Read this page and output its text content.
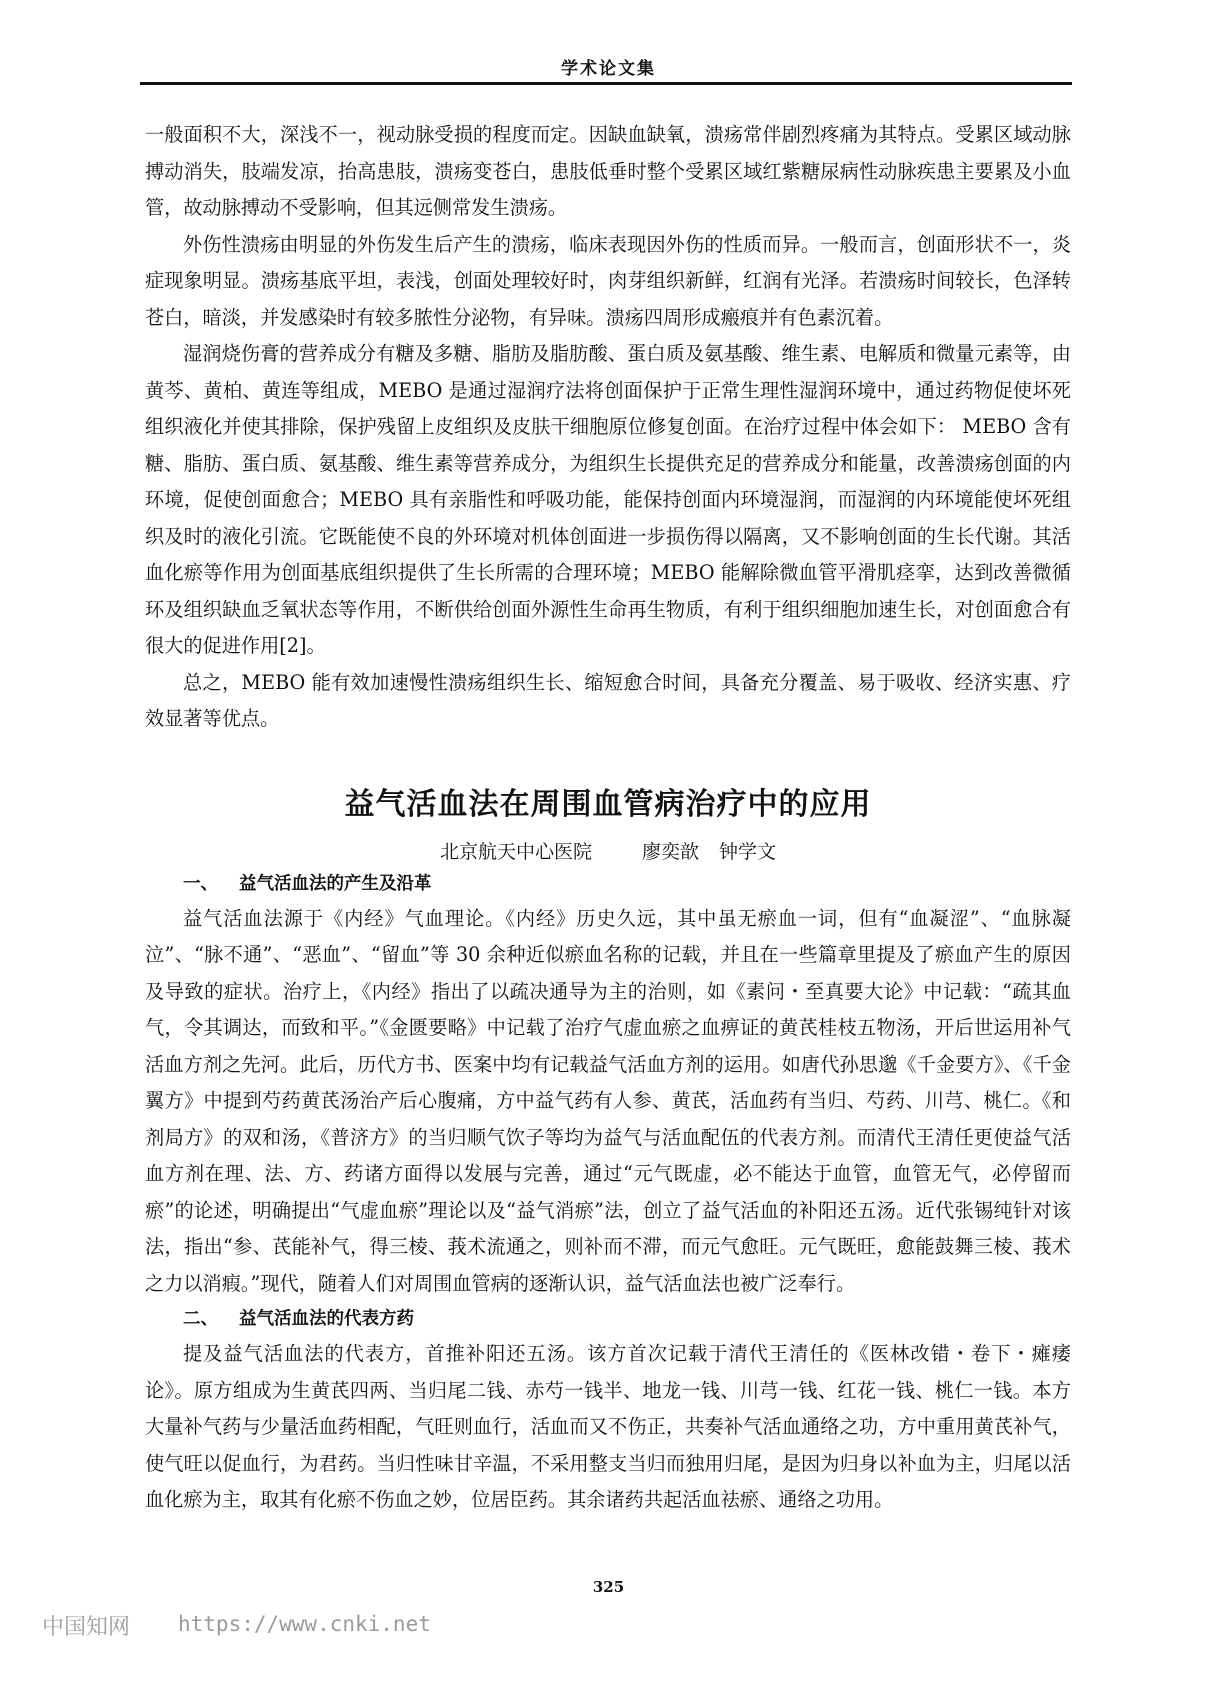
学术论文集

一般面积不大，深浅不一，视动脉受损的程度而定。因缺血缺氧，溃疡常伴剧烈疼痛为其特点。受累区域动脉搏动消失，肢端发凉，抬高患肢，溃疡变苍白，患肢低垂时整个受累区域红紫糖尿病性动脉疾患主要累及小血管，故动脉搏动不受影响，但其远侧常发生溃疡。

外伤性溃疡由明显的外伤发生后产生的溃疡，临床表现因外伤的性质而异。一般而言，创面形状不一，炎症现象明显。溃疡基底平坦，表浅，创面处理较好时，肉芽组织新鲜，红润有光泽。若溃疡时间较长，色泽转苍白，暗淡，并发感染时有较多脓性分泌物，有异味。溃疡四周形成瘢痕并有色素沉着。

湿润烧伤膏的营养成分有糖及多糖、脂肪及脂肪酸、蛋白质及氨基酸、维生素、电解质和微量元素等，由黄芩、黄柏、黄连等组成，MEBO 是通过湿润疗法将创面保护于正常生理性湿润环境中，通过药物促使坏死组织液化并使其排除，保护残留上皮组织及皮肤干细胞原位修复创面。在治疗过程中体会如下： MEBO 含有糖、脂肪、蛋白质、氨基酸、维生素等营养成分，为组织生长提供充足的营养成分和能量，改善溃疡创面的内环境，促使创面愈合；MEBO 具有亲脂性和呼吸功能，能保持创面内环境湿润，而湿润的内环境能使坏死组织及时的液化引流。它既能使不良的外环境对机体创面进一步损伤得以隔离，又不影响创面的生长代谢。其活血化瘀等作用为创面基底组织提供了生长所需的合理环境；MEBO 能解除微血管平滑肌痉挛，达到改善微循环及组织缺血乏氧状态等作用，不断供给创面外源性生命再生物质，有利于组织细胞加速生长，对创面愈合有很大的促进作用[2]。

总之，MEBO 能有效加速慢性溃疡组织生长、缩短愈合时间，具备充分覆盖、易于吸收、经济实惠、疗效显著等优点。

益气活血法在周围血管病治疗中的应用
北京航天中心医院	廖奕歆 钟学文
一、 益气活血法的产生及沿革

益气活血法源于《内经》气血理论。《内经》历史久远，其中虽无瘀血一词，但有“血凝涩”、“血脉凝泣”、“脉不通”、“恶血”、“留血”等 30 余种近似瘀血名称的记载，并且在一些篇章里提及了瘀血产生的原因及导致的症状。治疗上，《内经》指出了以疏决通导为主的治则，如《素问・至真要大论》中记载：“疏其血气，令其调达，而致和平。”《金匮要略》中记载了治疗气虚血瘀之血痹证的黄芪桂枝五物汤，开后世运用补气活血方剂之先河。此后，历代方书、医案中均有记载益气活血方剂的运用。如唐代孙思邈《千金要方》、《千金翼方》中提到芍药黄芪汤治产后心腹痛，方中益气药有人参、黄芪，活血药有当归、芍药、川芎、桃仁。《和剂局方》的双和汤，《普济方》的当归顺气饮子等均为益气与活血配伍的代表方剂。而清代王清任更使益气活血方剂在理、法、方、药诸方面得以发展与完善，通过“元气既虚，必不能达于血管，血管无气，必停留而瘀”的论述，明确提出“气虚血瘀”理论以及“益气消瘀”法，创立了益气活血的补阳还五汤。近代张锡纯针对该法，指出“参、芪能补气，得三棱、莪术流通之，则补而不滞，而元气愈旺。元气既旺，愈能鼓舞三棱、莪术之力以消瘕。”现代，随着人们对周围血管病的逐渐认识，益气活血法也被广泛奉行。

二、 益气活血法的代表方药

提及益气活血法的代表方，首推补阳还五汤。该方首次记载于清代王清任的《医林改错・卷下・瘫痿论》。原方组成为生黄芪四两、当归尾二钱、赤芍一钱半、地龙一钱、川芎一钱、红花一钱、桃仁一钱。本方大量补气药与少量活血药相配，气旺则血行，活血而又不伤正，共奏补气活血通络之功，方中重用黄芪补气，使气旺以促血行，为君药。当归性味甘辛温，不采用整支当归而独用归尾，是因为归身以补血为主，归尾以活血化瘀为主，取其有化瘀不伤血之妙，位居臣药。其余诸药共起活血祛瘀、通络之功用。

325
中国知网 https://www.cnki.net
